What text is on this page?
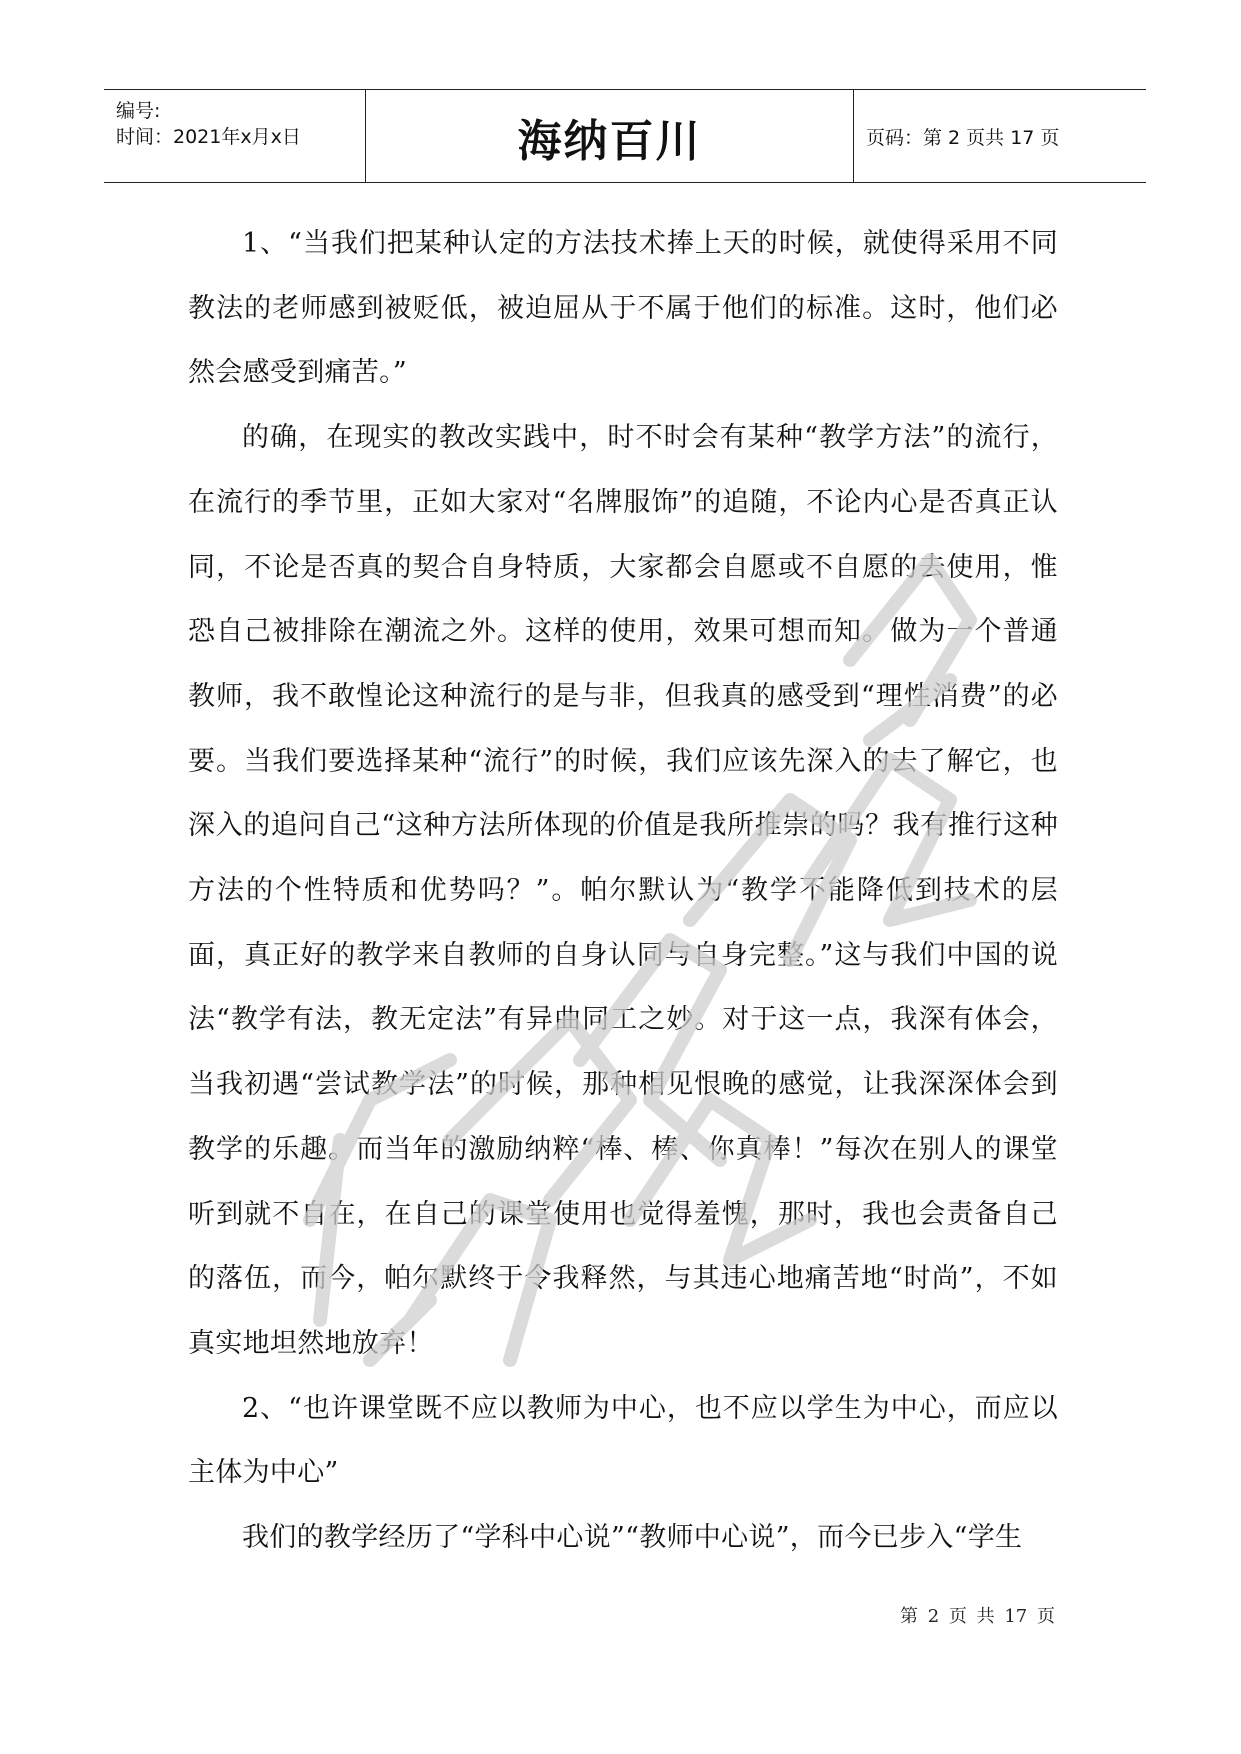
编号:
时间：2021年x月x日	海纳百川	页码：第 2 页共 17 页

1、“当我们把某种认定的方法技术捧上天的时候，就使得采用不同教法的老师感到被贬低，被迫屈从于不属于他们的标准。这时，他们必然会感受到痛苦。”

的确，在现实的教改实践中，时不时会有某种“教学方法”的流行，在流行的季节里，正如大家对“名牌服饰”的追随，不论内心是否真正认同，不论是否真的契合自身特质，大家都会自愿或不自愿的去使用，惟恐自己被排除在潮流之外。这样的使用，效果可想而知。做为一个普通教师，我不敢惶论这种流行的是与非，但我真的感受到“理性消费”的必要。当我们要选择某种“流行”的时候，我们应该先深入的去了解它，也深入的追问自己“这种方法所体现的价值是我所推崇的吗？我有推行这种方法的个性特质和优势吗？”。帕尔默认为“教学不能降低到技术的层面，真正好的教学来自教师的自身认同与自身完整。”这与我们中国的说法“教学有法，教无定法”有异曲同工之妙。对于这一点，我深有体会，当我初遇“尝试教学法”的时候，那种相见恨晚的感觉，让我深深体会到教学的乐趣。而当年的激励纳粹“棒、棒、你真棒！”每次在别人的课堂听到就不自在，在自己的课堂使用也觉得羞愧，那时，我也会责备自己的落伍，而今，帕尔默终于令我释然，与其违心地痛苦地“时尚”，不如真实地坦然地放弃！

2、“也许课堂既不应以教师为中心，也不应以学生为中心，而应以主体为中心”

我们的教学经历了“学科中心说”“教师中心说”，而今已步入“学生

第 2 页 共 17 页
